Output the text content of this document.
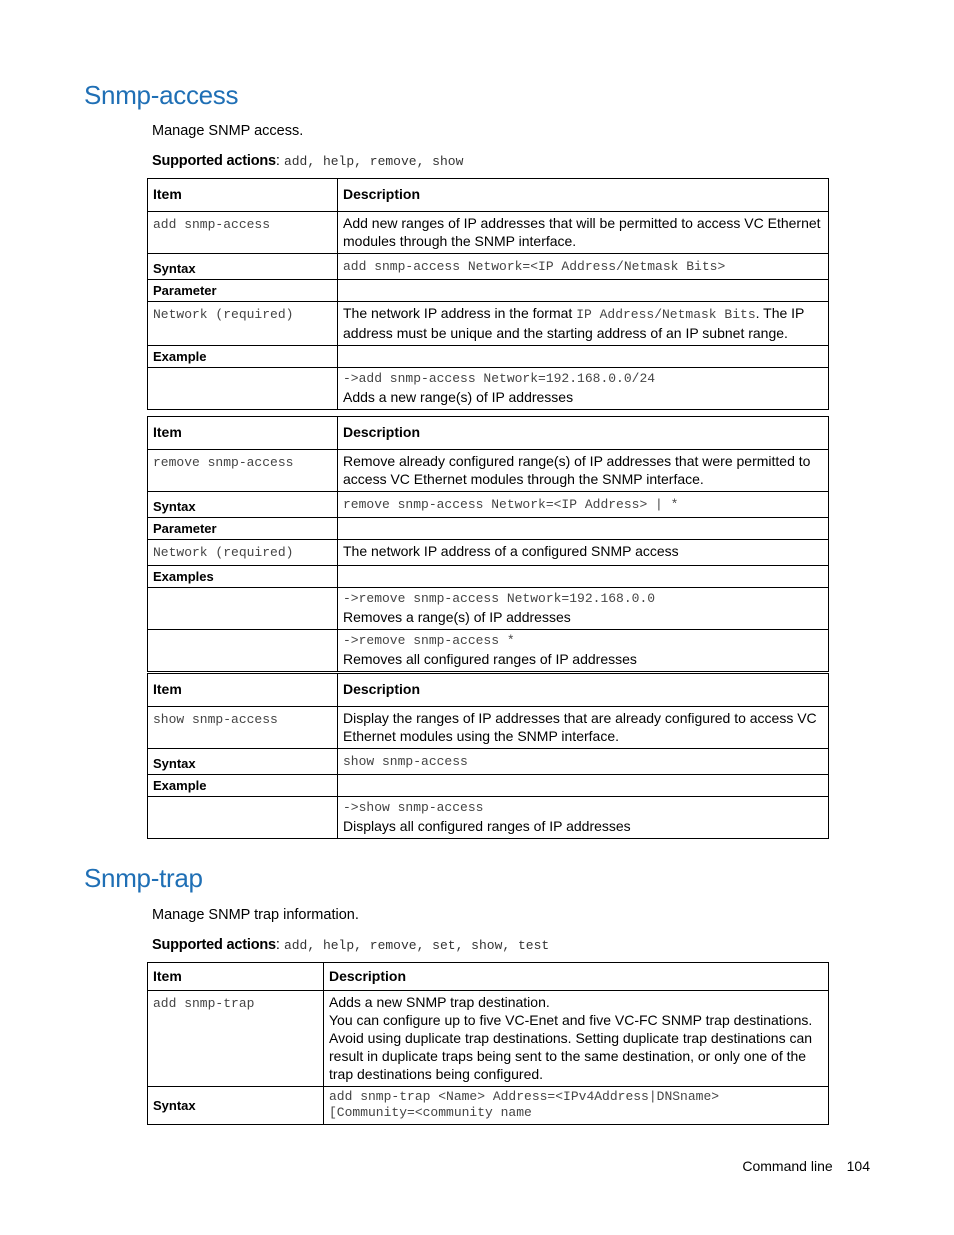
Snmp-access

Manage SNMP access.

Supported actions: add, help, remove, show

Item	Description
add snmp-access	Add new ranges of IP addresses that will be permitted to access VC Ethernet modules through the SNMP interface.
Syntax	add snmp-access Network=<IP Address/Netmask Bits>
Parameter	
Network (required)	The network IP address in the format IP Address/Netmask Bits. The IP address must be unique and the starting address of an IP subnet range.
Example	

	->add snmp-access Network=192.168.0.0/24
Adds a new range(s) of IP addresses
Item	Description
remove snmp-access	Remove already configured range(s) of IP addresses that were permitted to access VC Ethernet modules through the SNMP interface.
Syntax	remove snmp-access Network=<IP Address> | *
Parameter	
Network (required)	The network IP address of a configured SNMP access
Examples	

	->remove snmp-access Network=192.168.0.0
Removes a range(s) of IP addresses

	->remove snmp-access *
Removes all configured ranges of IP addresses
Item	Description
show snmp-access	Display the ranges of IP addresses that are already configured to access VC Ethernet modules using the SNMP interface.
Syntax	show snmp-access
Example	

	->show snmp-access
Displays all configured ranges of IP addresses
Snmp-trap

Manage SNMP trap information.

Supported actions: add, help, remove, set, show, test

Item	Description
add snmp-trap	Adds a new SNMP trap destination.
You can configure up to five VC-Enet and five VC-FC SNMP trap destinations. Avoid using duplicate trap destinations. Setting duplicate trap destinations can result in duplicate traps being sent to the same destination, or only one of the trap destinations being configured.

Syntax	add snmp-trap <Name> Address=<IPv4Address|DNSname>
[Community=<community name
Command line 104
